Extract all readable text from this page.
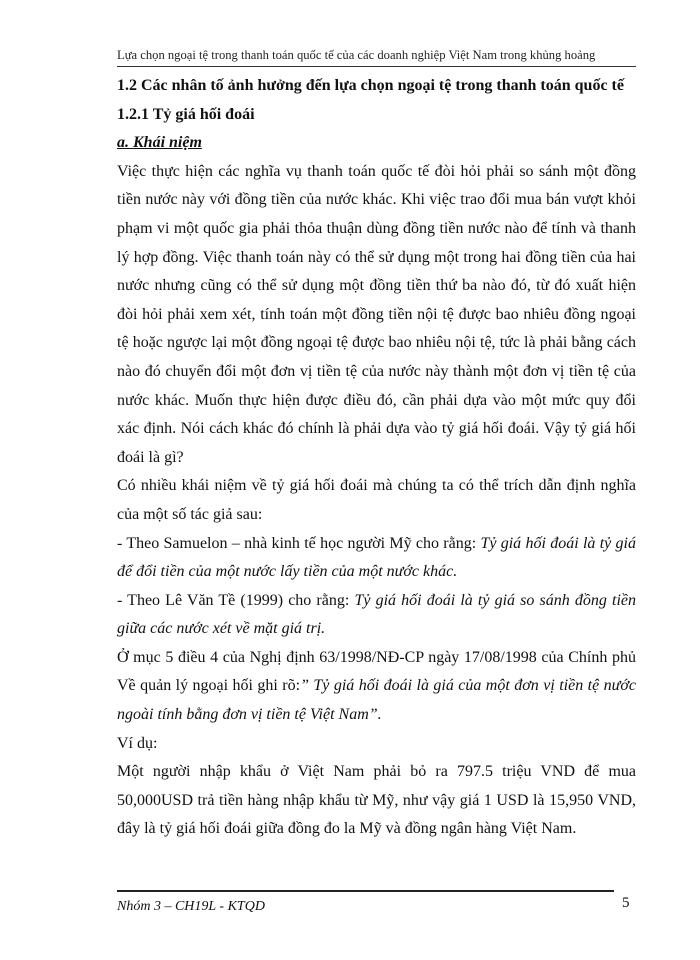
Lựa chọn ngoại tệ trong thanh toán quốc tế của các doanh nghiệp Việt Nam trong khủng hoảng

1.2 Các nhân tố ảnh hưởng đến lựa chọn ngoại tệ trong thanh toán quốc tế

1.2.1 Tỷ giá hối đoái

a. Khái niệm

Việc thực hiện các nghĩa vụ thanh toán quốc tế đòi hỏi phải so sánh một đồng tiền nước này với đồng tiền của nước khác. Khi việc trao đổi mua bán vượt khỏi phạm vi một quốc gia phải thỏa thuận dùng đồng tiền nước nào để tính và thanh lý hợp đồng. Việc thanh toán này có thể sử dụng một trong hai đồng tiền của hai nước nhưng cũng có thể sử dụng một đồng tiền thứ ba nào đó, từ đó xuất hiện đòi hỏi phải xem xét, tính toán một đồng tiền nội tệ được bao nhiêu đồng ngoại tệ hoặc ngược lại một đồng ngoại tệ được bao nhiêu nội tệ, tức là phải bằng cách nào đó chuyển đổi một đơn vị tiền tệ của nước này thành một đơn vị tiền tệ của nước khác. Muốn thực hiện được điều đó, cần phải dựa vào một mức quy đổi xác định. Nói cách khác đó chính là phải dựa vào tỷ giá hối đoái. Vậy tỷ giá hối đoái là gì?

Có nhiều khái niệm về tỷ giá hối đoái mà chúng ta có thể trích dẫn định nghĩa của một số tác giả sau:

- Theo Samuelon – nhà kinh tế học người Mỹ cho rằng: Tỷ giá hối đoái là tỷ giá để đổi tiền của một nước lấy tiền của một nước khác.

- Theo Lê Văn Tề (1999) cho rằng: Tỷ giá hối đoái là tỷ giá so sánh đồng tiền giữa các nước xét về mặt giá trị.

Ở mục 5 điều 4 của Nghị định 63/1998/NĐ-CP ngày 17/08/1998 của Chính phủ Về quản lý ngoại hối ghi rõ:” Tỷ giá hối đoái là giá của một đơn vị tiền tệ nước ngoài tính bằng đơn vị tiền tệ Việt Nam”.

Ví dụ:

Một người nhập khẩu ở Việt Nam phải bỏ ra 797.5 triệu VND để mua 50,000USD trả tiền hàng nhập khẩu từ Mỹ, như vậy giá 1 USD là 15,950 VND, đây là tỷ giá hối đoái giữa đồng đo la Mỹ và đồng ngân hàng Việt Nam.

Nhóm 3 – CH19L - KTQD	5
